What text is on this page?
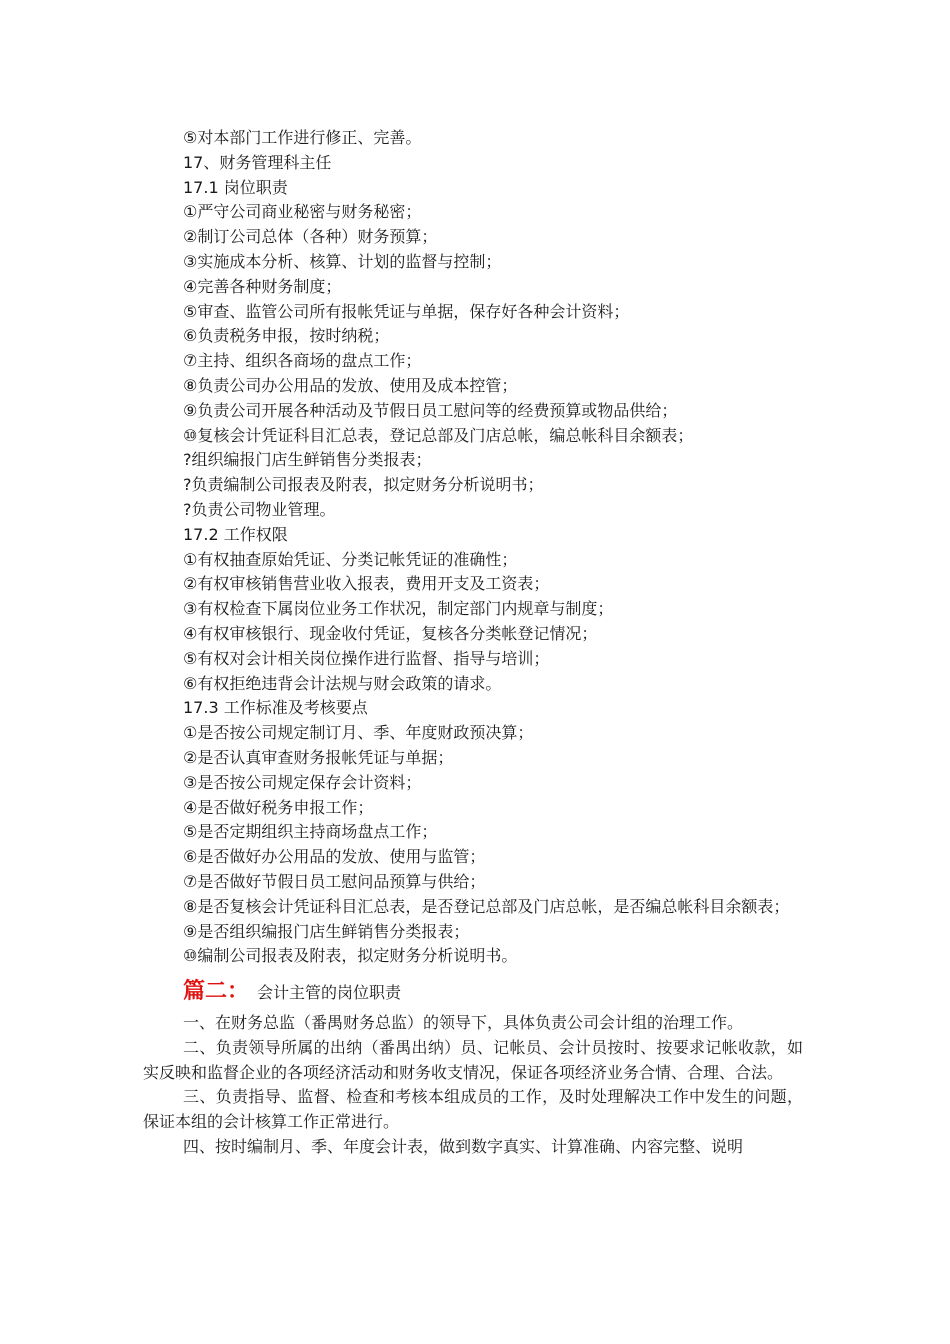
⑤对本部门工作进行修正、完善。
17、财务管理科主任
17.1 岗位职责
①严守公司商业秘密与财务秘密；
②制订公司总体（各种）财务预算；
③实施成本分析、核算、计划的监督与控制；
④完善各种财务制度；
⑤审查、监管公司所有报帐凭证与单据，保存好各种会计资料；
⑥负责税务申报，按时纳税；
⑦主持、组织各商场的盘点工作；
⑧负责公司办公用品的发放、使用及成本控管；
⑨负责公司开展各种活动及节假日员工慰问等的经费预算或物品供给；
⑩复核会计凭证科目汇总表，登记总部及门店总帐，编总帐科目余额表；
?组织编报门店生鲜销售分类报表；
?负责编制公司报表及附表，拟定财务分析说明书；
?负责公司物业管理。
17.2 工作权限
①有权抽查原始凭证、分类记帐凭证的准确性；
②有权审核销售营业收入报表，费用开支及工资表；
③有权检查下属岗位业务工作状况，制定部门内规章与制度；
④有权审核银行、现金收付凭证，复核各分类帐登记情况；
⑤有权对会计相关岗位操作进行监督、指导与培训；
⑥有权拒绝违背会计法规与财会政策的请求。
17.3 工作标准及考核要点
①是否按公司规定制订月、季、年度财政预决算；
②是否认真审查财务报帐凭证与单据；
③是否按公司规定保存会计资料；
④是否做好税务申报工作；
⑤是否定期组织主持商场盘点工作；
⑥是否做好办公用品的发放、使用与监管；
⑦是否做好节假日员工慰问品预算与供给；
⑧是否复核会计凭证科目汇总表，是否登记总部及门店总帐，是否编总帐科目余额表；
⑨是否组织编报门店生鲜销售分类报表；
⑩编制公司报表及附表，拟定财务分析说明书。
篇二： 会计主管的岗位职责
一、在财务总监（番禺财务总监）的领导下，具体负责公司会计组的治理工作。
二、负责领导所属的出纳（番禺出纳）员、记帐员、会计员按时、按要求记帐收款，如实反映和监督企业的各项经济活动和财务收支情况，保证各项经济业务合情、合理、合法。
三、负责指导、监督、检查和考核本组成员的工作，及时处理解决工作中发生的问题，保证本组的会计核算工作正常进行。
四、按时编制月、季、年度会计表，做到数字真实、计算准确、内容完整、说明
